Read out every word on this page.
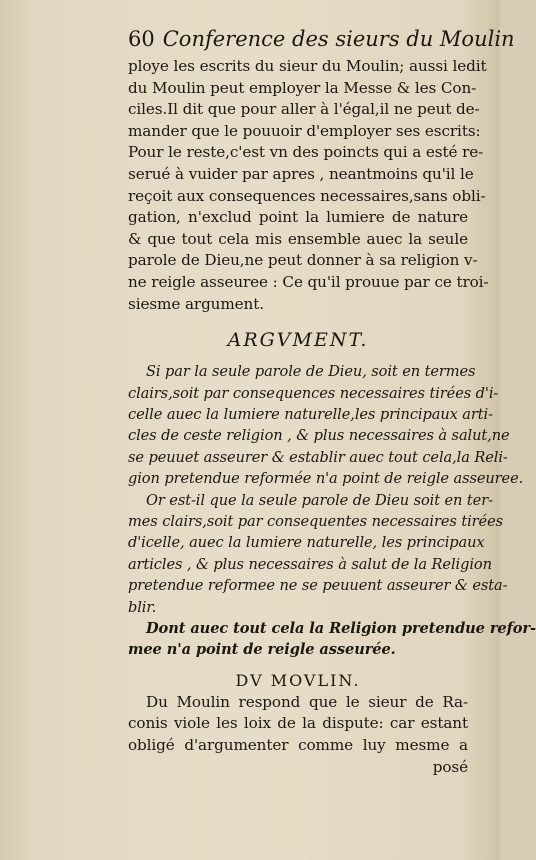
60 Conference des sieurs du Moulin
ploye les escrits du sieur du Moulin; aussi ledit
du Moulin peut employer la Messe & les Con-
ciles.Il dit que pour aller à l'égal,il ne peut de-
mander que le pouuoir d'employer ses escrits:
Pour le reste,c'est vn des poincts qui a esté re-
serué à vuider par apres , neantmoins qu'il le
reçoit aux consequences necessaires,sans obli-
gation, n'exclud point la lumiere de nature
& que tout cela mis ensemble auec la seule
parole de Dieu,ne peut donner à sa religion v-
ne reigle asseuree : Ce qu'il prouue par ce troi-
siesme argument.
ARGVMENT.
Si par la seule parole de Dieu, soit en termes
clairs,soit par consequences necessaires tirées d'i-
celle auec la lumiere naturelle,les principaux arti-
cles de ceste religion , & plus necessaires à salut,ne
se peuuet asseurer & establir auec tout cela,la Reli-
gion pretendue reformée n'a point de reigle asseuree.
Or est-il que la seule parole de Dieu soit en ter-
mes clairs,soit par consequentes necessaires tirées
d'icelle, auec la lumiere naturelle, les principaux
articles , & plus necessaires à salut de la Religion
pretendue reformee ne se peuuent asseurer & esta-
blir.
Dont auec tout cela la Religion pretendue refor-
mee n'a point de reigle asseurée.
DV MOVLIN.
Du Moulin respond que le sieur de Ra-
conis viole les loix de la dispute: car estant
obligé d'argumenter comme luy mesme a
posé
